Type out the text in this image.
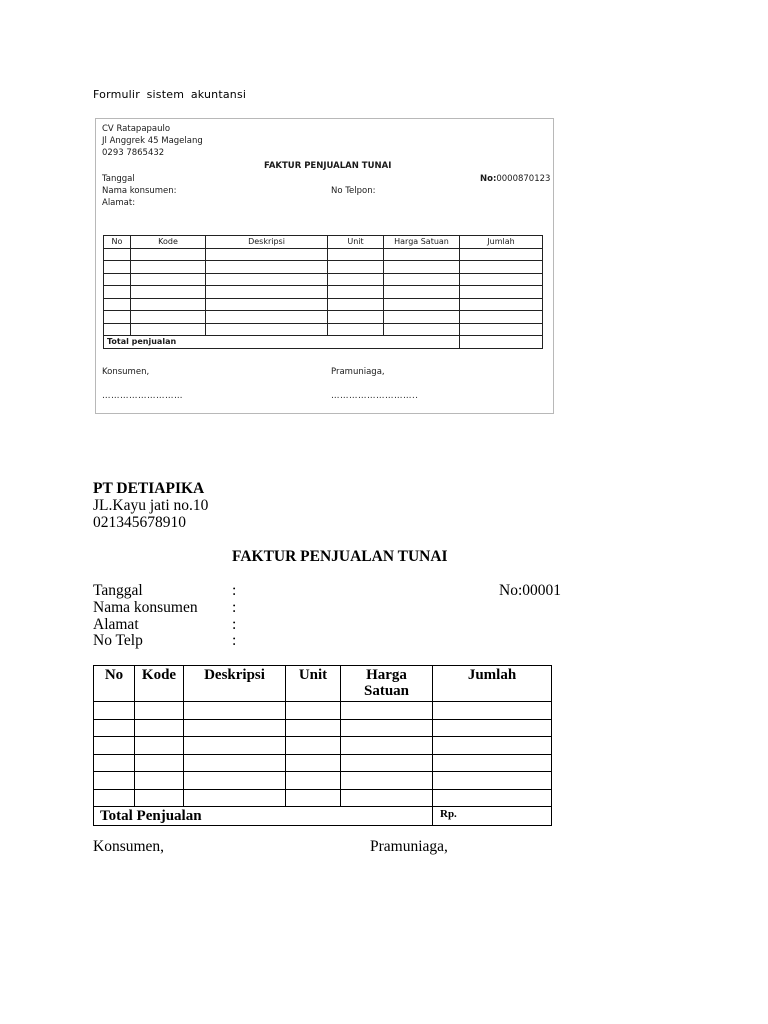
Formulir sistem akuntansi
CV Ratapapaulo
Jl Anggrek 45 Magelang
0293 7865432
FAKTUR PENJUALAN TUNAI
Tanggal	No:0000870123
Nama konsumen:	No Telpon:
Alamat:
No	Kode	Deskripsi	Unit	Harga Satuan	Jumlah

Total penjualan					
Konsumen,	Pramuniaga,
………………………	………………………..
PT DETIAPIKA
JL.Kayu jati no.10
021345678910
FAKTUR PENJUALAN TUNAI
Tanggal	:
Nama konsumen :
Alamat	:
No Telp	:
No:00001
No	Kode	Deskripsi	Unit	Harga Satuan	Jumlah

Total Penjualan					Rp.
Konsumen,	Pramuniaga,
